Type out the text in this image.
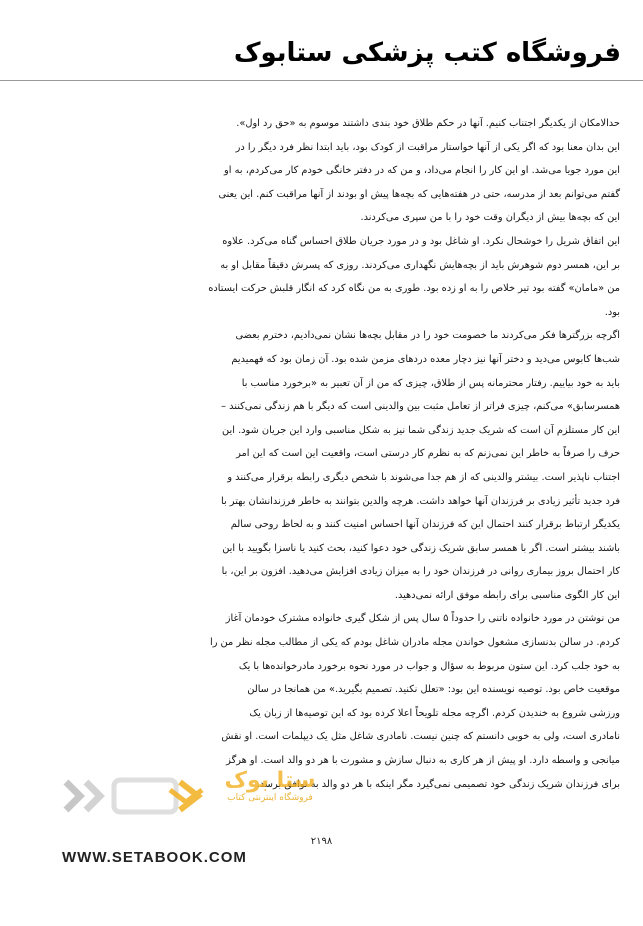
فروشگاه کتب پزشکی ستابوک
حدالامکان از یکدیگر اجتناب کنیم. آنها در حکم طلاق خود بندی داشتند موسوم به «حق رد اول».
این بدان معنا بود که اگر یکی از آنها خواستار مراقبت از کودک بود، باید ابتدا نظر فرد دیگر را در
این مورد جویا می‌شد. او این کار را انجام می‌داد، و من که در دفتر خانگی خودم کار می‌کردم، به او
گفتم می‌توانم بعد از مدرسه، حتی در هفته‌هایی که بچه‌ها پیش او بودند از آنها مراقبت کنم. این یعنی
این که بچه‌ها بیش از دیگران وقت خود را با من سپری می‌کردند.
این اتفاق شریل را خوشحال نکرد. او شاغل بود و در مورد جریان طلاق احساس گناه می‌کرد. علاوه
بر این، همسر دوم شوهرش باید از بچه‌هایش نگهداری می‌کردند. روزی که پسرش دقیقاً مقابل او به
من «مامان» گفته بود تیر خلاص را به او زده بود. طوری به من نگاه کرد که انگار قلبش حرکت ایستاده
بود.
اگرچه بزرگترها فکر می‌کردند ما خصومت خود را در مقابل بچه‌ها نشان نمی‌دادیم، دخترم بعضی
شب‌ها کابوس می‌دید و دختر آنها نیز دچار معده دردهای مزمن شده بود. آن زمان بود که فهمیدیم
باید به خود بیاییم. رفتار محترمانه پس از طلاق، چیزی که من از آن تعبیر به «برخورد مناسب با
همسرسابق» می‌کنم، چیزی فراتر از تعامل مثبت بین والدینی است که دیگر با هم زندگی نمی‌کنند –
این کار مستلزم آن است که شریک جدید زندگی شما نیز به شکل مناسبی وارد این جریان شود. این
حرف را صرفاً به خاطر این نمی‌زنم که به نظرم کار درستی است، واقعیت این است که این امر
اجتناب ناپذیر است. بیشتر والدینی که از هم جدا می‌شوند با شخص دیگری رابطه برقرار می‌کنند و
فرد جدید تأثیر زیادی بر فرزندان آنها خواهد داشت. هرچه والدین بتوانند به خاطر فرزندانشان بهتر با
یکدیگر ارتباط برقرار کنند احتمال این که فرزندان آنها احساس امنیت کنند و به لحاظ روحی سالم
باشند بیشتر است. اگر با همسر سابق شریک زندگی خود دعوا کنید، بحث کنید یا ناسزا بگویید با این
کار احتمال بروز بیماری روانی در فرزندان خود را به میزان زیادی افزایش می‌دهید. افزون بر این، با
این کار الگوی مناسبی برای رابطه موفق ارائه نمی‌دهید.
من نوشتن در مورد خانواده ناتنی را حدوداً ۵ سال پس از شکل گیری خانواده مشترک خودمان آغاز
کردم. در سالن بدنسازی مشغول خواندن مجله مادران شاغل بودم که یکی از مطالب مجله نظر من را
به خود جلب کرد. این ستون مربوط به سؤال و جواب در مورد نحوه برخورد مادرخوانده‌ها با یک
موقعیت خاص بود. توصیه نویسنده این بود: «تعلل نکنید. تصمیم بگیرید.» من همانجا در سالن
ورزشی شروع به خندیدن کردم. اگرچه مجله تلویحاً اعلا کرده بود که این توصیه‌ها از زبان یک
نامادری است، ولی به خوبی دانستم که چنین نیست. نامادری شاغل مثل یک دیپلمات است. او نقش
میانجی و واسطه دارد. او پیش از هر کاری به دنبال سازش و مشورت با هر دو والد است. او هرگز
برای فرزندان شریک زندگی خود تصمیمی نمی‌گیرد مگر اینکه با هر دو والد به توافق برسد.
ستا بوک
فروشگاه اینترنتی کتاب
۲۱۹۸
WWW.SETABOOK.COM
